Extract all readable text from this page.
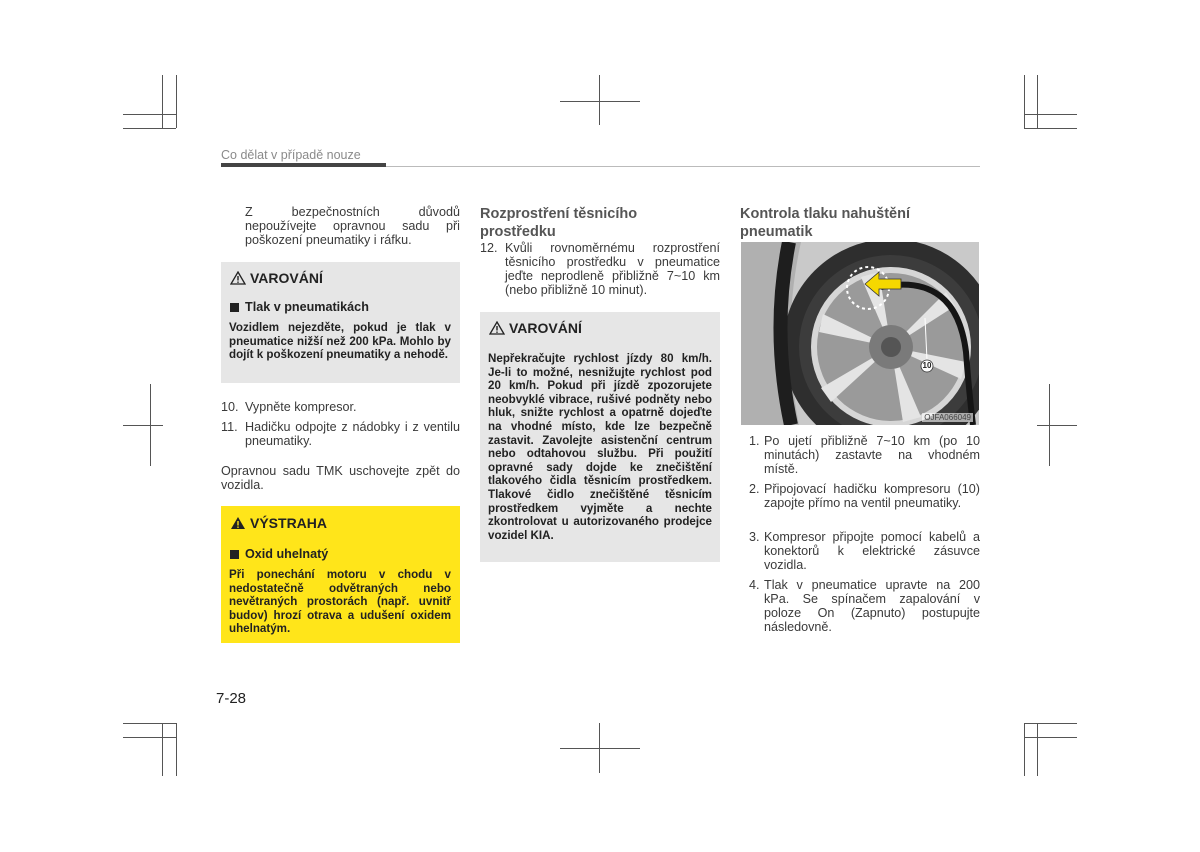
Co dělat v případě nouze
Z bezpečnostních důvodů nepoužívejte opravnou sadu při poškození pneumatiky i ráfku.
VAROVÁNÍ
Tlak v pneumatikách
Vozidlem nejezděte, pokud je tlak v pneumatice nižší než 200 kPa. Mohlo by dojít k poškození pneumatiky a nehodě.
10. Vypněte kompresor.
11. Hadičku odpojte z nádobky i z ventilu pneumatiky.
Opravnou sadu TMK uschovejte zpět do vozidla.
VÝSTRAHA
Oxid uhelnatý
Při ponechání motoru v chodu v nedostatečně odvětraných nebo nevětraných prostorách (např. uvnitř budov) hrozí otrava a udušení oxidem uhelnatým.
Rozprostření těsnicího prostředku
12. Kvůli rovnoměrnému rozprostření těsnicího prostředku v pneumatice jeďte neprodleně přibližně 7~10 km (nebo přibližně 10 minut).
VAROVÁNÍ
Nepřekračujte rychlost jízdy 80 km/h. Je-li to možné, nesnižujte rychlost pod 20 km/h. Pokud při jízdě zpozorujete neobvyklé vibrace, rušivé podněty nebo hluk, snižte rychlost a opatrně dojeďte na vhodné místo, kde lze bezpečně zastavit. Zavolejte asistenční centrum nebo odtahovou službu. Při použití opravné sady dojde ke znečištění tlakového čidla těsnicím prostředkem. Tlakové čidlo znečištěné těsnicím prostředkem vyjměte a nechte zkontrolovat u autorizovaného prodejce vozidel KIA.
Kontrola tlaku nahuštění pneumatik
10
OJFA066049
1. Po ujetí přibližně 7~10 km (po 10 minutách) zastavte na vhodném místě.
2. Připojovací hadičku kompresoru (10) zapojte přímo na ventil pneumatiky.
3. Kompresor připojte pomocí kabelů a konektorů k elektrické zásuvce vozidla.
4. Tlak v pneumatice upravte na 200 kPa. Se spínačem zapalování v poloze On (Zapnuto) postupujte následovně.
7-28
